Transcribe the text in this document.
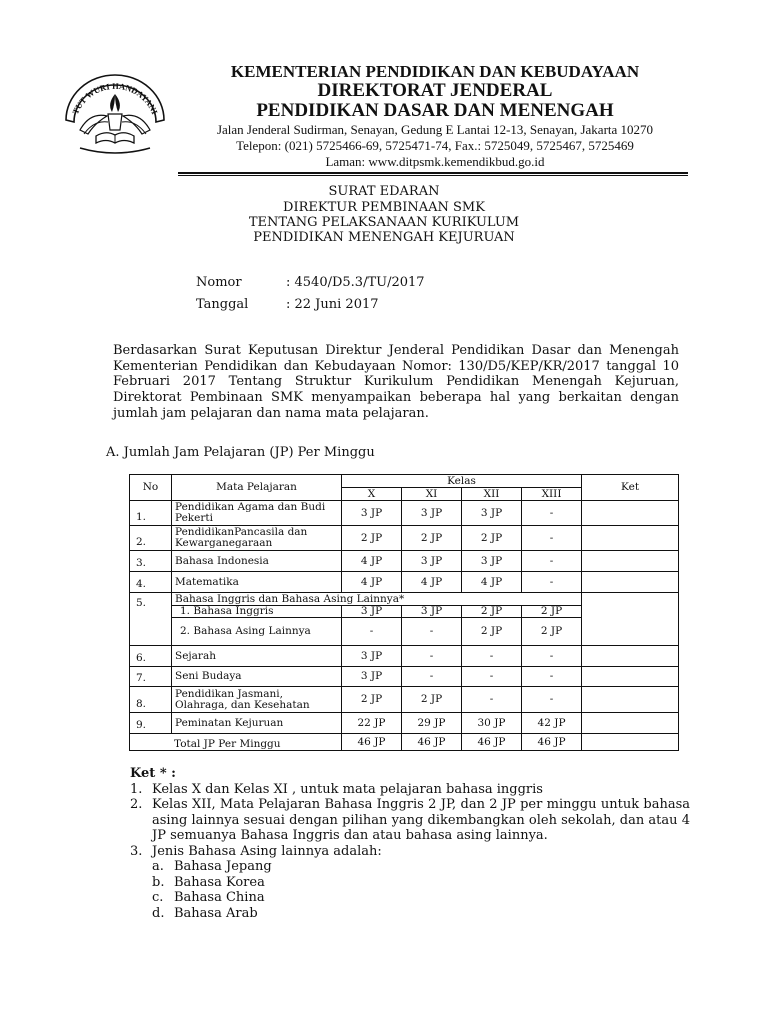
TUT WURI HANDAYANI
KEMENTERIAN PENDIDIKAN DAN KEBUDAYAAN
DIREKTORAT JENDERAL
PENDIDIKAN DASAR DAN MENENGAH
Jalan Jenderal Sudirman, Senayan, Gedung E Lantai 12-13, Senayan, Jakarta 10270
Telepon: (021) 5725466-69, 5725471-74, Fax.: 5725049, 5725467, 5725469
Laman: www.ditpsmk.kemendikbud.go.id
SURAT EDARAN
DIREKTUR PEMBINAAN SMK
TENTANG PELAKSANAAN KURIKULUM
PENDIDIKAN MENENGAH KEJURUAN
Nomor	: 4540/D5.3/TU/2017
Tanggal	: 22 Juni 2017

Berdasarkan Surat Keputusan Direktur Jenderal Pendidikan Dasar dan Menengah Kementerian Pendidikan dan Kebudayaan Nomor: 130/D5/KEP/KR/2017 tanggal 10 Februari 2017 Tentang Struktur Kurikulum Pendidikan Menengah Kejuruan, Direktorat Pembinaan SMK menyampaikan beberapa hal yang berkaitan dengan jumlah jam pelajaran dan nama mata pelajaran.

A. Jumlah Jam Pelajaran (JP) Per Minggu
No	Mata Pelajaran	Kelas				Ket
		X	XI	XII	XIII	
1.	Pendidikan Agama dan Budi Pekerti	3 JP	3 JP	3 JP	-	
2.	PendidikanPancasila dan Kewarganegaraan	2 JP	2 JP	2 JP	-	
3.	Bahasa Indonesia	4 JP	3 JP	3 JP	-	
4.	Matematika	4 JP	4 JP	4 JP	-	
5.	Bahasa Inggris dan Bahasa Asing Lainnya*					
	1. Bahasa Inggris	3 JP	3 JP	2 JP	2 JP	
	2. Bahasa Asing Lainnya	-	-	2 JP	2 JP	
6.	Sejarah	3 JP	-	-	-	
7.	Seni Budaya	3 JP	-	-	-	
8.	Pendidikan Jasmani, Olahraga, dan Kesehatan	2 JP	2 JP	-	-	
9.	Peminatan Kejuruan	22 JP	29 JP	30 JP	42 JP	
Total JP Per Minggu		46 JP	46 JP	46 JP	46 JP	
Ket * :
1. Kelas X dan Kelas XI , untuk mata pelajaran bahasa inggris
2. Kelas XII, Mata Pelajaran Bahasa Inggris 2 JP, dan 2 JP per minggu untuk bahasa asing lainnya sesuai dengan pilihan yang dikembangkan oleh sekolah, dan atau 4 JP semuanya Bahasa Inggris dan atau bahasa asing lainnya.
3. Jenis Bahasa Asing lainnya adalah:
a. Bahasa Jepang
b. Bahasa Korea
c. Bahasa China
d. Bahasa Arab
